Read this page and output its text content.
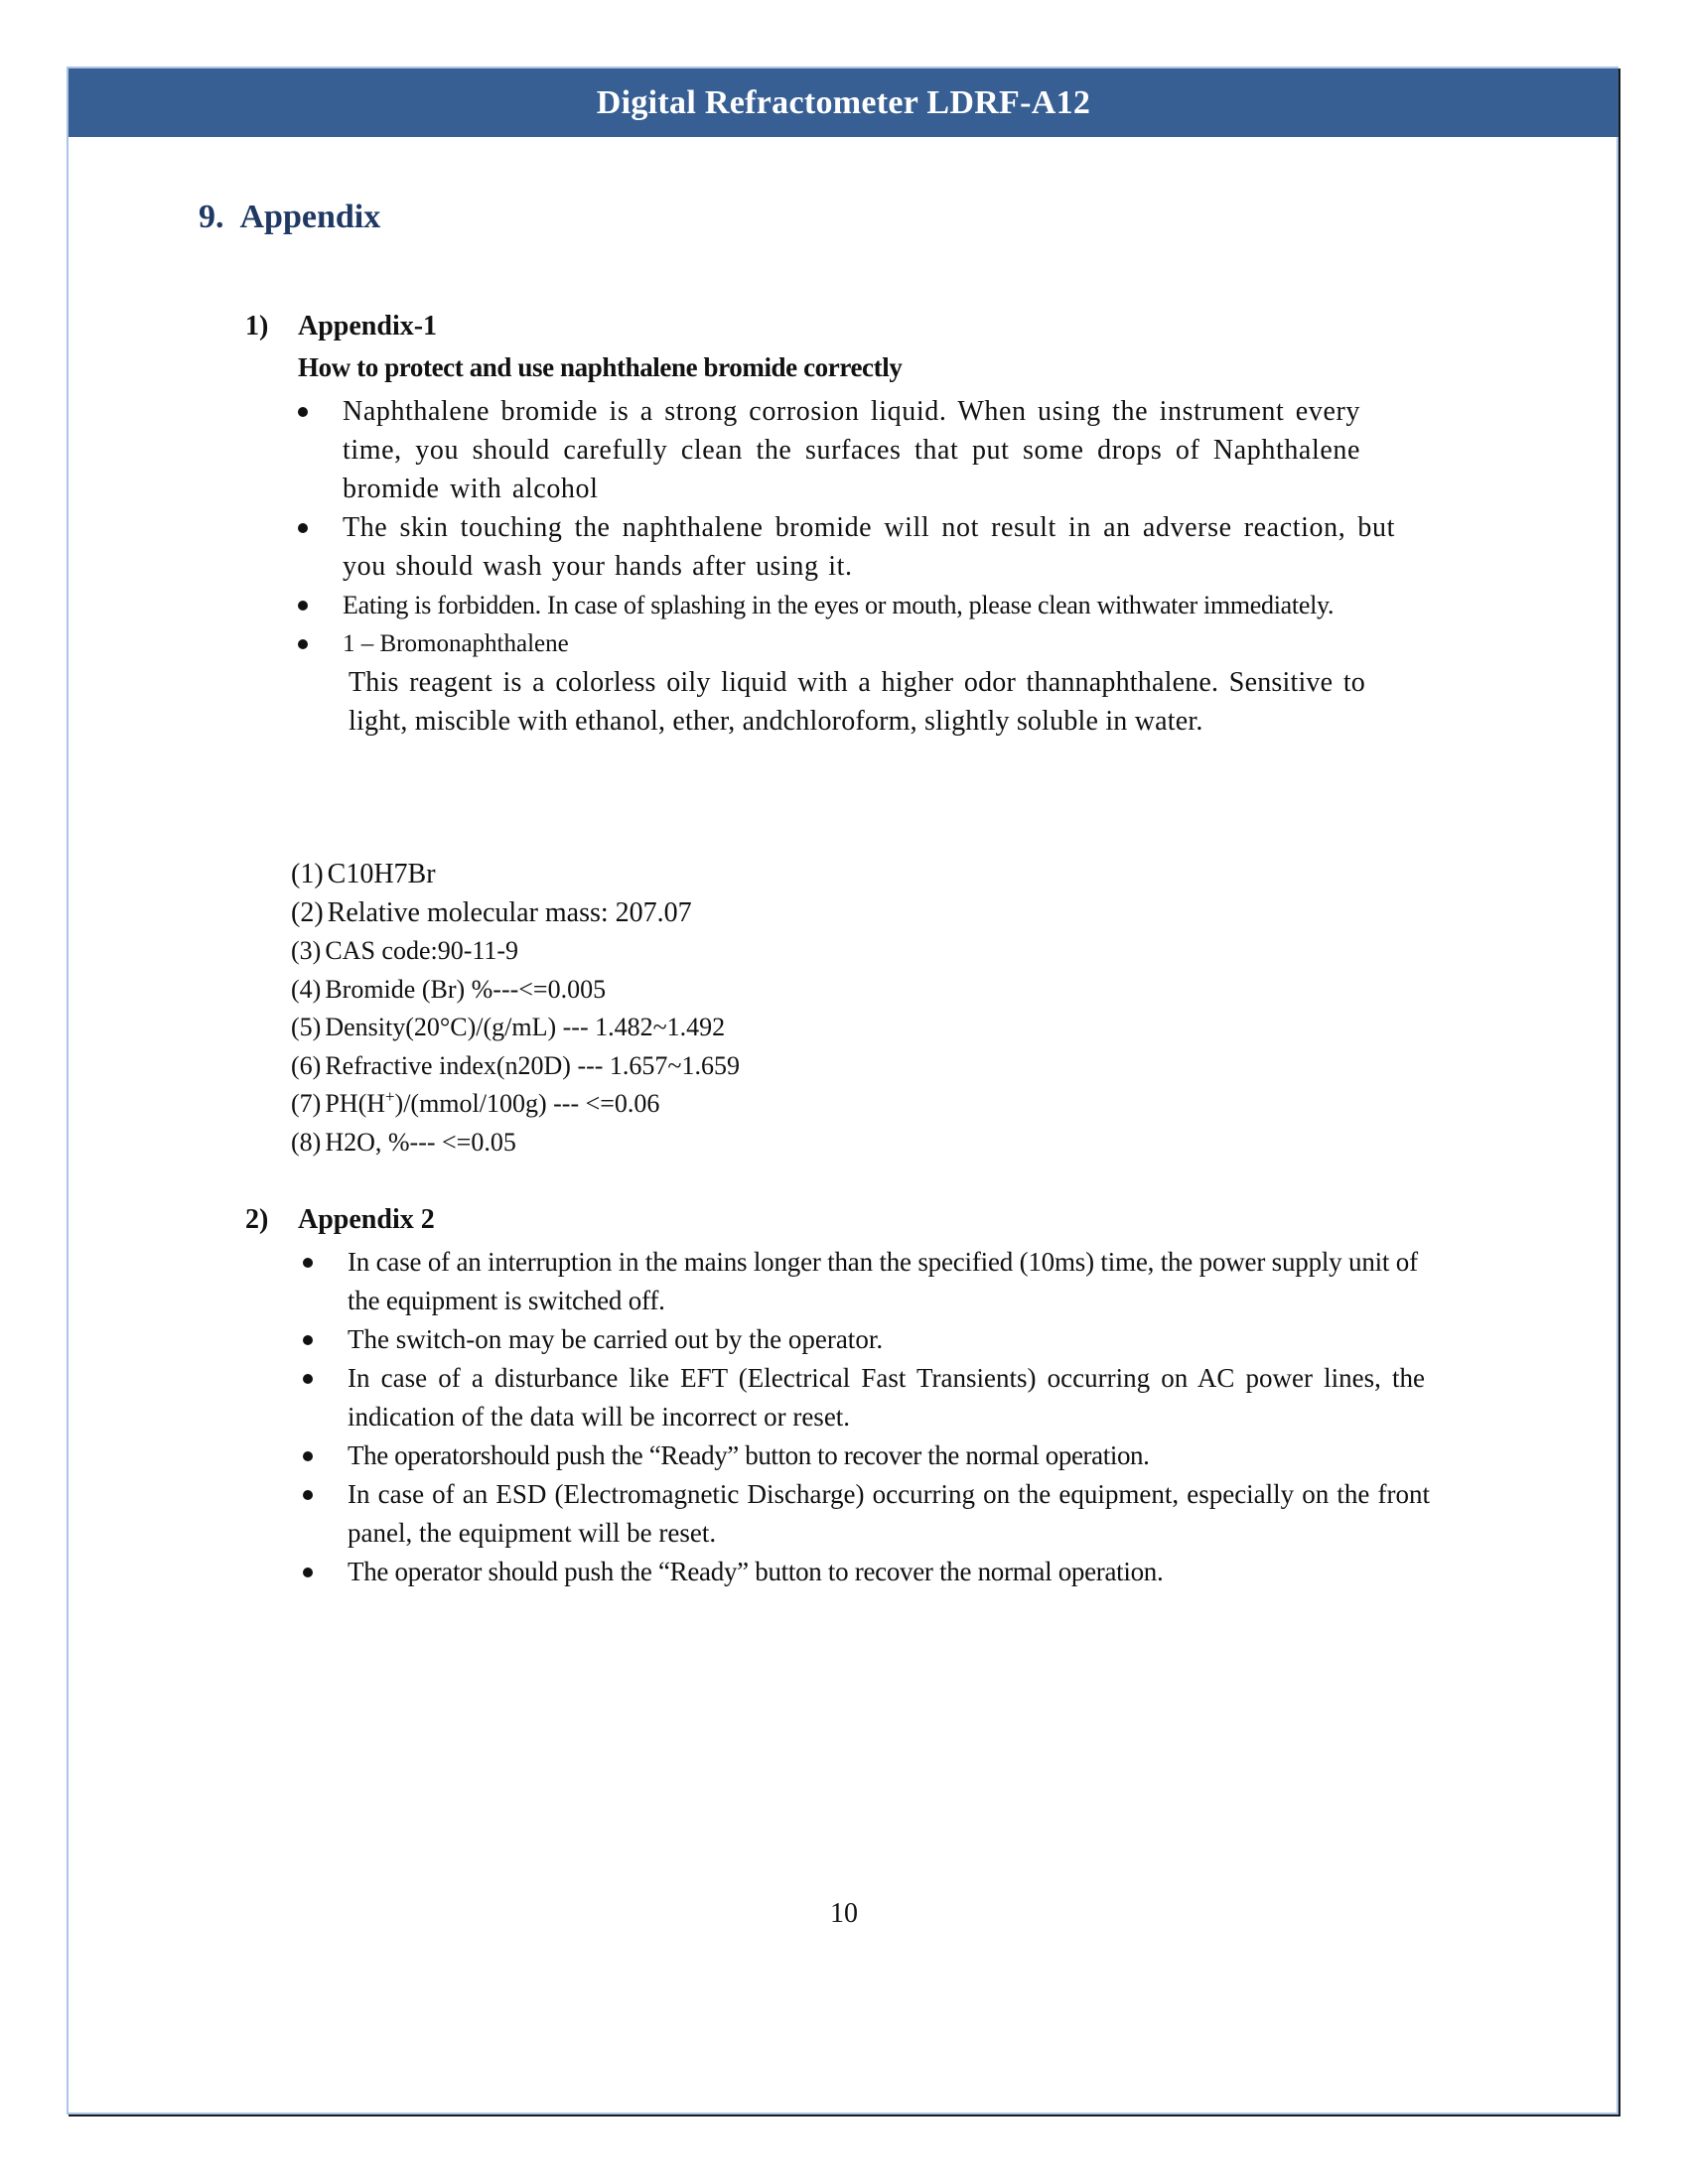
Digital Refractometer LDRF-A12
9. Appendix
1) Appendix-1
How to protect and use naphthalene bromide correctly
Naphthalene bromide is a strong corrosion liquid. When using the instrument every time, you should carefully clean the surfaces that put some drops of Naphthalene bromide with alcohol
The skin touching the naphthalene bromide will not result in an adverse reaction, but you should wash your hands after using it.
Eating is forbidden. In case of splashing in the eyes or mouth, please clean withwater immediately.
1 – Bromonaphthalene
This reagent is a colorless oily liquid with a higher odor thannaphthalene. Sensitive to light, miscible with ethanol, ether, andchloroform, slightly soluble in water.
(1) C10H7Br
(2) Relative molecular mass: 207.07
(3) CAS code:90-11-9
(4) Bromide (Br) %---<=0.005
(5) Density(20°C)/(g/mL) --- 1.482~1.492
(6) Refractive index(n20D) --- 1.657~1.659
(7) PH(H+)/(mmol/100g) --- <=0.06
(8) H2O, %--- <=0.05
2) Appendix 2
In case of an interruption in the mains longer than the specified (10ms) time, the power supply unit of the equipment is switched off.
The switch-on may be carried out by the operator.
In case of a disturbance like EFT (Electrical Fast Transients) occurring on AC power lines, the indication of the data will be incorrect or reset.
The operatorshould push the “Ready” button to recover the normal operation.
In case of an ESD (Electromagnetic Discharge) occurring on the equipment, especially on the front panel, the equipment will be reset.
The operator should push the “Ready” button to recover the normal operation.
10
